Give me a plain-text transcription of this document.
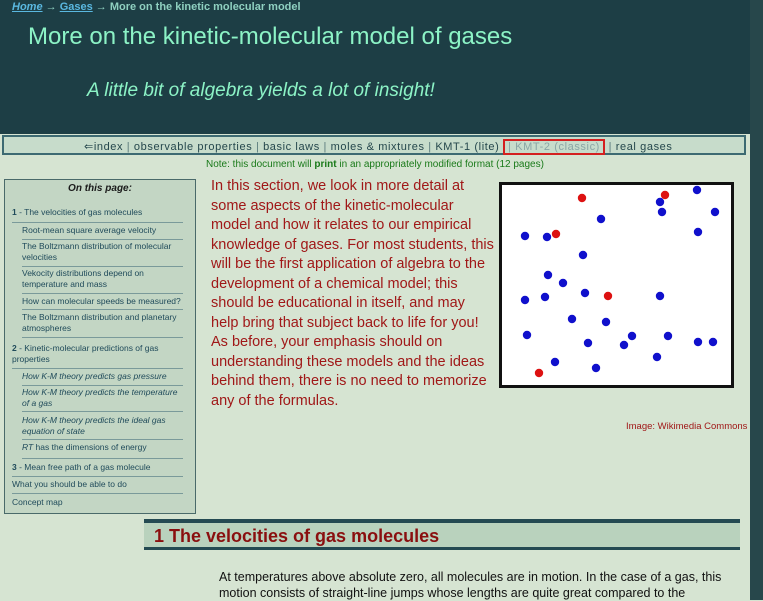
Home → Gases → More on the kinetic molecular model
More on the kinetic-molecular model of gases
A little bit of algebra yields a lot of insight!
⇐index | observable properties | basic laws | moles & mixtures | KMT-1 (lite) | KMT-2 (classic) | real gases
Note: this document will print in an appropriately modified format (12 pages)
On this page:
1 - The velocities of gas molecules
Root-mean square average velocity
The Boltzmann distribution of molecular velocities
Vekocity distributions depend on temperature and mass
How can molecular speeds be measured?
The Boltzmann distribution and planetary atmospheres
2 - Kinetic-molecular predictions of gas properties
How K-M theory predicts gas pressure
How K-M theory predicts the temperature of a gas
How K-M theory predicts the ideal gas equation of state
RT has the dimensions of energy
3 - Mean free path of a gas molecule
What you should be able to do
Concept map
In this section, we look in more detail at some aspects of the kinetic-molecular model and how it relates to our empirical knowledge of gases. For most students, this will be the first application of algebra to the development of a chemical model; this should be educational in itself, and may help bring that subject back to life for you! As before, your emphasis should on understanding these models and the ideas behind them, there is no need to memorize any of the formulas.
Image: Wikimedia Commons
1 The velocities of gas molecules
At temperatures above absolute zero, all molecules are in motion. In the case of a gas, this motion consists of straight-line jumps whose lengths are quite great compared to the
